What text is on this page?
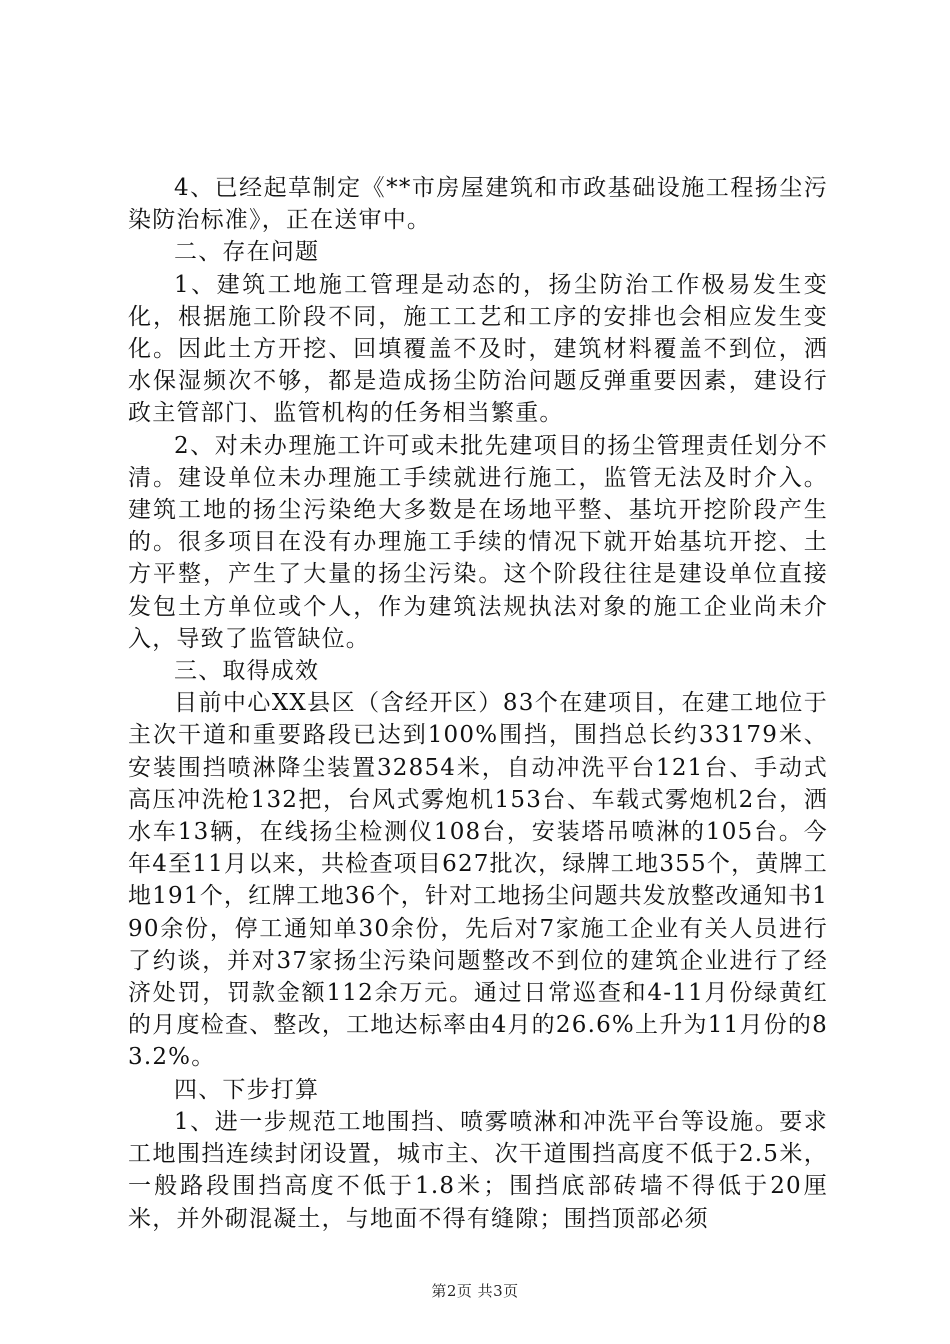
4、已经起草制定《**市房屋建筑和市政基础设施工程扬尘污染防治标准》，正在送审中。

二、存在问题

1、建筑工地施工管理是动态的，扬尘防治工作极易发生变化，根据施工阶段不同，施工工艺和工序的安排也会相应发生变化。因此土方开挖、回填覆盖不及时，建筑材料覆盖不到位，洒水保湿频次不够，都是造成扬尘防治问题反弹重要因素，建设行政主管部门、监管机构的任务相当繁重。

2、对未办理施工许可或未批先建项目的扬尘管理责任划分不清。建设单位未办理施工手续就进行施工，监管无法及时介入。建筑工地的扬尘污染绝大多数是在场地平整、基坑开挖阶段产生的。很多项目在没有办理施工手续的情况下就开始基坑开挖、土方平整，产生了大量的扬尘污染。这个阶段往往是建设单位直接发包土方单位或个人，作为建筑法规执法对象的施工企业尚未介入，导致了监管缺位。

三、取得成效

目前中心XX县区（含经开区）83个在建项目，在建工地位于主次干道和重要路段已达到100%围挡，围挡总长约33179米、安装围挡喷淋降尘装置32854米，自动冲洗平台121台、手动式高压冲洗枪132把，台风式雾炮机153台、车载式雾炮机2台，洒水车13辆，在线扬尘检测仪108台，安装塔吊喷淋的105台。今年4至11月以来，共检查项目627批次，绿牌工地355个，黄牌工地191个，红牌工地36个，针对工地扬尘问题共发放整改通知书190余份，停工通知单30余份，先后对7家施工企业有关人员进行了约谈，并对37家扬尘污染问题整改不到位的建筑企业进行了经济处罚，罚款金额112余万元。通过日常巡查和4-11月份绿黄红的月度检查、整改，工地达标率由4月的26.6%上升为11月份的83.2%。

四、下步打算

1、进一步规范工地围挡、喷雾喷淋和冲洗平台等设施。要求工地围挡连续封闭设置，城市主、次干道围挡高度不低于2.5米，一般路段围挡高度不低于1.8米；围挡底部砖墙不得低于20厘米，并外砌混凝土，与地面不得有缝隙；围挡顶部必须

第2页 共3页
